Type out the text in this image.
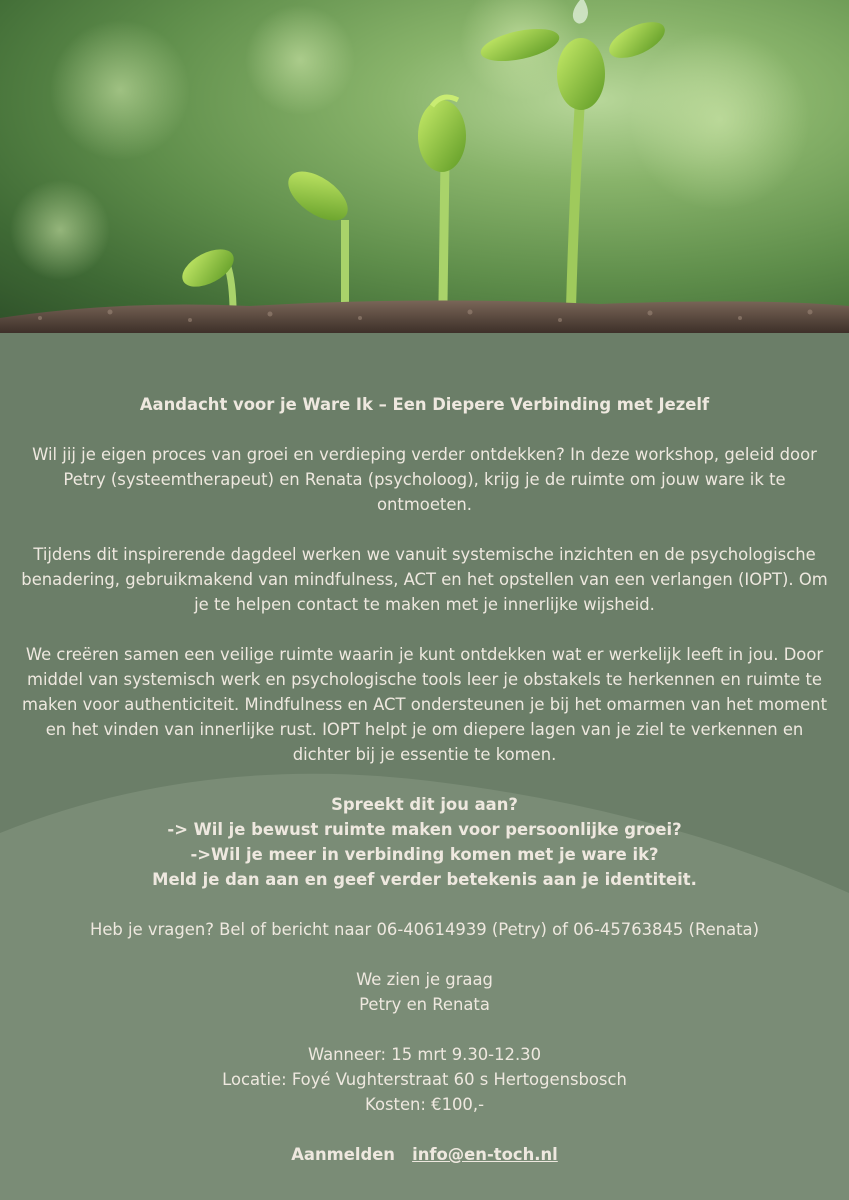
Aandacht voor je Ware Ik – Een Diepere Verbinding met Jezelf

Wil jij je eigen proces van groei en verdieping verder ontdekken? In deze workshop, geleid door Petry (systeemtherapeut) en Renata (psycholoog), krijg je de ruimte om jouw ware ik te ontmoeten.

Tijdens dit inspirerende dagdeel werken we vanuit systemische inzichten en de psychologische benadering, gebruikmakend van mindfulness, ACT en het opstellen van een verlangen (IOPT). Om je te helpen contact te maken met je innerlijke wijsheid.

We creëren samen een veilige ruimte waarin je kunt ontdekken wat er werkelijk leeft in jou. Door middel van systemisch werk en psychologische tools leer je obstakels te herkennen en ruimte te maken voor authenticiteit. Mindfulness en ACT ondersteunen je bij het omarmen van het moment en het vinden van innerlijke rust. IOPT helpt je om diepere lagen van je ziel te verkennen en dichter bij je essentie te komen.

Spreekt dit jou aan?

-> Wil je bewust ruimte maken voor persoonlijke groei?

->Wil je meer in verbinding komen met je ware ik?

Meld je dan aan en geef verder betekenis aan je identiteit.

Heb je vragen? Bel of bericht naar 06-40614939 (Petry) of 06-45763845 (Renata)

We zien je graag

Petry en Renata

Wanneer: 15 mrt 9.30-12.30

Locatie: Foyé Vughterstraat 60 s Hertogensbosch

Kosten: €100,-

Aanmelden info@en-toch.nl
